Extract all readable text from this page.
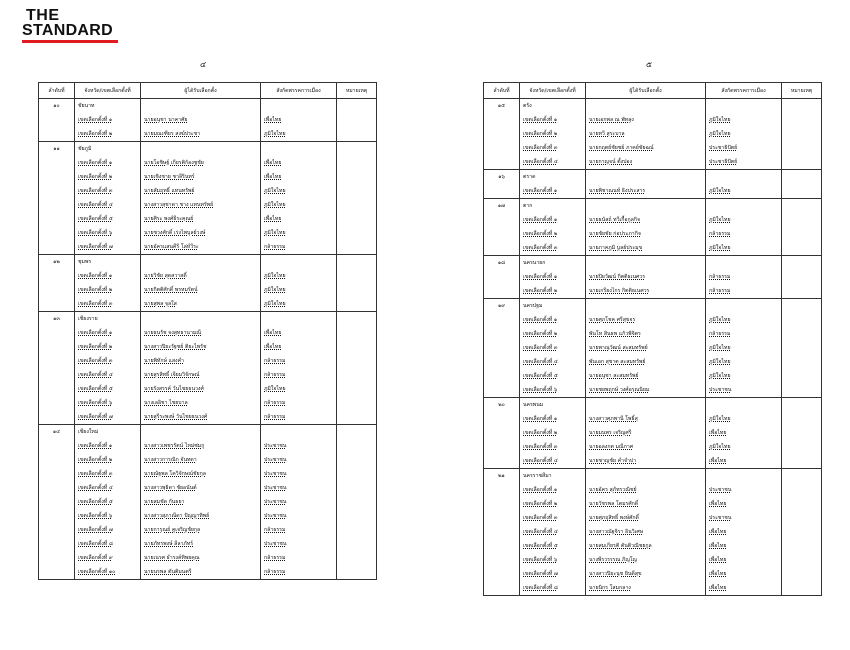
THE
STANDARD
๔	๕
ลำดับที่	จังหวัด/เขตเลือกตั้งที่	ผู้ได้รับเลือกตั้ง	สังกัดพรรคการเมือง	หมายเหตุ
๑๐	ชัยนาท			
	เขตเลือกตั้งที่ ๑	นายอนุชา นาคาศัย	เพื่อไทย	
	เขตเลือกตั้งที่ ๒	นายมณเฑียร สงฆ์ประชา	ภูมิใจไทย	
๑๑	ชัยภูมิ			
	เขตเลือกตั้งที่ ๑	นายโอชิษฐ์ เกียรติก้องชูชัย	เพื่อไทย	
	เขตเลือกตั้งที่ ๒	นายเชิงชาย ชาลีรินทร์	เพื่อไทย	
	เขตเลือกตั้งที่ ๓	นายสัมฤทธิ์ แทนทรัพย์	ภูมิใจไทย	
	เขตเลือกตั้งที่ ๔	นางสาวสุชาดา ชาง แทนทรัพย์	ภูมิใจไทย	
	เขตเลือกตั้งที่ ๕	นายศิระ พงศ์ธีระคุณย์	เพื่อไทย	
	เขตเลือกตั้งที่ ๖	นายชวงศักดิ์ เร่งไพบูลย์วงษ์	ภูมิใจไทย	
	เขตเลือกตั้งที่ ๗	นายอัครแสนคีรี โล่ห์วีระ	กล้าธรรม	
๑๒	ชุมพร			
	เขตเลือกตั้งที่ ๑	นายวิชัย สุดสวาสดิ์	ภูมิใจไทย	
	เขตเลือกตั้งที่ ๒	นายกิตติศักดิ์ พรหมรัตน์	ภูมิใจไทย	
	เขตเลือกตั้งที่ ๓	นายสุพล จุลใส	ภูมิใจไทย	
๑๓	เชียงราย			
	เขตเลือกตั้งที่ ๑	นายธนรัช จงสุทธานามณี	เพื่อไทย	
	เขตเลือกตั้งที่ ๒	นางสาวปิยะรัฐชย์ ติยะไพรัช	เพื่อไทย	
	เขตเลือกตั้งที่ ๓	นายพิทักษ์ แสงคำ	กล้าธรรม	
	เขตเลือกตั้งที่ ๔	นายสุรสิทธิ์ เจียมวิจักษณ์	กล้าธรรม	
	เขตเลือกตั้งที่ ๕	นายรังสรรค์ วันไชยธนวงศ์	ภูมิใจไทย	
	เขตเลือกตั้งที่ ๖	นางเลอิชา ไชยบาล	กล้าธรรม	
	เขตเลือกตั้งที่ ๗	นายสุรีระพงษ์ วันไชยธนวงศ์	กล้าธรรม	
๑๔	เชียงใหม่			
	เขตเลือกตั้งที่ ๑	นางสาวเพชรรัตน์ ไหม่ซ่มกู	ประชาชน	
	เขตเลือกตั้งที่ ๒	นางสาวการณิก จันทดา	ประชาชน	
	เขตเลือกตั้งที่ ๓	นายณัฐพล โควิจักษณ์ชัยกุล	ประชาชน	
	เขตเลือกตั้งที่ ๔	นางสาวพุธิดา ชัยอนันต์	ประชาชน	
	เขตเลือกตั้งที่ ๕	นายสมชัด กันธยา	ประชาชน	
	เขตเลือกตั้งที่ ๖	นางสาวสุภาณีดา ปัญญาทิพย์	ประชาชน	
	เขตเลือกตั้งที่ ๗	นายการุณย์ คูเจริญชัยกุล	กล้าธรรม	
	เขตเลือกตั้งที่ ๘	นายภัทรพงษ์ ลีลาภัทร์	ประชาชน	
	เขตเลือกตั้งที่ ๙	นายเนรศ ธำรงค์ทิพยคุณ	กล้าธรรม	
	เขตเลือกตั้งที่ ๑๐	นายนรพล ตันติมนตรี	กล้าธรรม	
ลำดับที่	จังหวัด/เขตเลือกตั้งที่	ผู้ได้รับเลือกตั้ง	สังกัดพรรคการเมือง	หมายเหตุ
๑๕	ตรัง			
	เขตเลือกตั้งที่ ๑	นายเอกพล ณ พัทลุง	ภูมิใจไทย	
	เขตเลือกตั้งที่ ๒	นายทวี สุระบาล	ภูมิใจไทย	
	เขตเลือกตั้งที่ ๓	นายกฤตย์ชัยชย์ ภาคย์ชัยฉณ์	ประชาธิปัตย์	
	เขตเลือกตั้งที่ ๔	นายกาญจน์ ตั้งปอง	ประชาธิปัตย์	
๑๖	ตราด			
	เขตเลือกตั้งที่ ๑	นายพิชาณนท์ ธิงประสาร	ภูมิใจไทย	
๑๗	ตาก			
	เขตเลือกตั้งที่ ๑	นายธนัสถ์ ทวีเกื้อกูลกิจ	ภูมิใจไทย	
	เขตเลือกตั้งที่ ๒	นายชัยชัย ก่อประภากิจ	กล้าธรรม	
	เขตเลือกตั้งที่ ๓	นายภาคภูมิ บูลย์ประมุข	ภูมิใจไทย	
๑๘	นครนายก			
	เขตเลือกตั้งที่ ๑	นายปิยวัฒน์ กิตติธเนศวร	กล้าธรรม	
	เขตเลือกตั้งที่ ๒	นายเกรียงไกร กิตติธเนศวร	กล้าธรรม	
๑๙	นครปฐม			
	เขตเลือกตั้งที่ ๑	นายศุภโชค ศรีสุขจร	ภูมิใจไทย	
	เขตเลือกตั้งที่ ๒	พันโท สินธพ แก้วพิจิตร	กล้าธรรม	
	เขตเลือกตั้งที่ ๓	นายพาณุวัฒน์ สะสมทรัพย์	ภูมิใจไทย	
	เขตเลือกตั้งที่ ๔	พันเอก สุชาต สะสมทรัพย์	ภูมิใจไทย	
	เขตเลือกตั้งที่ ๕	นายอนุชา สะสมทรัพย์	ภูมิใจไทย	
	เขตเลือกตั้งที่ ๖	นายชยพฤกษ์ วงศ์อรุณนิยม	ประชาชน	
๒๐	นครพนม			
	เขตเลือกตั้งที่ ๑	นางสาวศุภพานี โพธิ์สุ	ภูมิใจไทย	
	เขตเลือกตั้งที่ ๒	นายมนพร เจริญศรี	เพื่อไทย	
	เขตเลือกตั้งที่ ๓	นายอลงกต มณีกาศ	ภูมิใจไทย	
	เขตเลือกตั้งที่ ๔	นายชาญชัย คำจำปา	เพื่อไทย	
๒๑	นครราชสีมา			
	เขตเลือกตั้งที่ ๑	นายอัคร สุภัทรวณิชย์	ประชาชน	
	เขตเลือกตั้งที่ ๒	นายวัชรพล โตมรศักดิ์	เพื่อไทย	
	เขตเลือกตั้งที่ ๓	นายศุภฤสิทธิ์ พงษ์ศักดิ์	ประชาชน	
	เขตเลือกตั้งที่ ๔	นางสาวณัฐจิรา อินวิเศษ	เพื่อไทย	
	เขตเลือกตั้งที่ ๕	นายสมเกียรติ ตันติวณิชยกูล	เพื่อไทย	
	เขตเลือกตั้งที่ ๖	นางพีรวรรรณ ภิญโญ	เพื่อไทย	
	เขตเลือกตั้งที่ ๗	นางสาวปิยะนุช ยินดีสุข	เพื่อไทย	
	เขตเลือกตั้งที่ ๘	นายนิกร โสมกลาง	เพื่อไทย	
